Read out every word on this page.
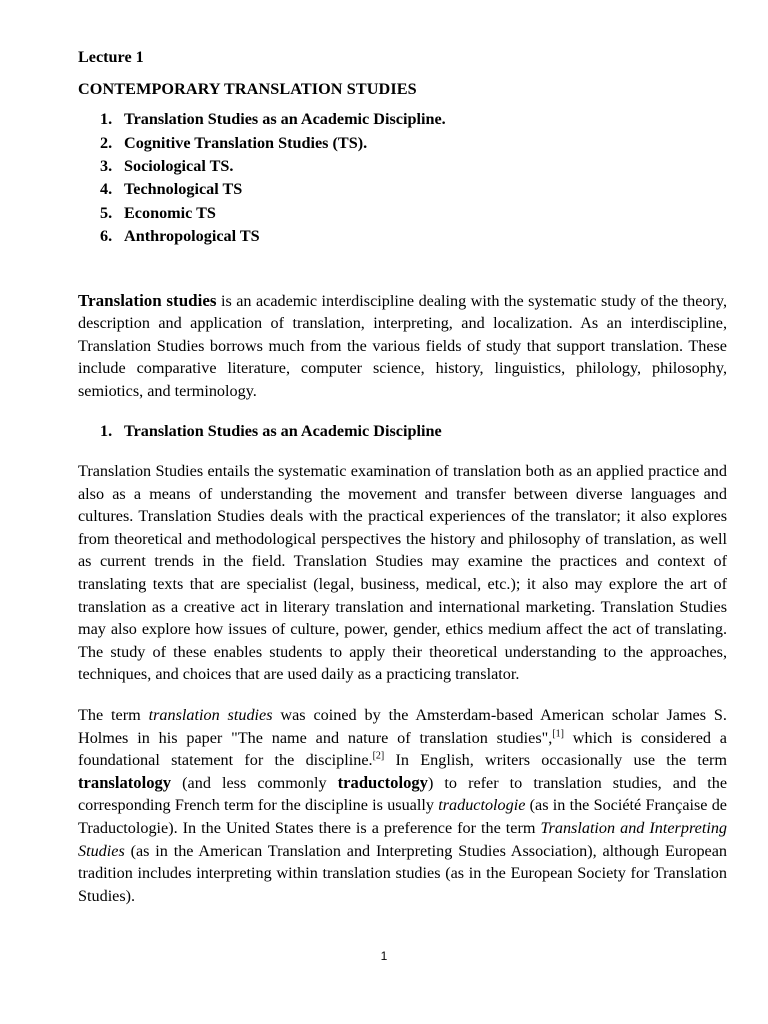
Lecture 1
CONTEMPORARY TRANSLATION STUDIES
1. Translation Studies as an Academic Discipline.
2. Cognitive Translation Studies (TS).
3. Sociological TS.
4. Technological TS
5. Economic TS
6. Anthropological TS

Translation studies is an academic interdiscipline dealing with the systematic study of the theory, description and application of translation, interpreting, and localization. As an interdiscipline, Translation Studies borrows much from the various fields of study that support translation. These include comparative literature, computer science, history, linguistics, philology, philosophy, semiotics, and terminology.

1. Translation Studies as an Academic Discipline

Translation Studies entails the systematic examination of translation both as an applied practice and also as a means of understanding the movement and transfer between diverse languages and cultures. Translation Studies deals with the practical experiences of the translator; it also explores from theoretical and methodological perspectives the history and philosophy of translation, as well as current trends in the field. Translation Studies may examine the practices and context of translating texts that are specialist (legal, business, medical, etc.); it also may explore the art of translation as a creative act in literary translation and international marketing. Translation Studies may also explore how issues of culture, power, gender, ethics medium affect the act of translating. The study of these enables students to apply their theoretical understanding to the approaches, techniques, and choices that are used daily as a practicing translator.

The term translation studies was coined by the Amsterdam-based American scholar James S. Holmes in his paper "The name and nature of translation studies",[1] which is considered a foundational statement for the discipline.[2] In English, writers occasionally use the term translatology (and less commonly traductology) to refer to translation studies, and the corresponding French term for the discipline is usually traductologie (as in the Société Française de Traductologie). In the United States there is a preference for the term Translation and Interpreting Studies (as in the American Translation and Interpreting Studies Association), although European tradition includes interpreting within translation studies (as in the European Society for Translation Studies).

1
